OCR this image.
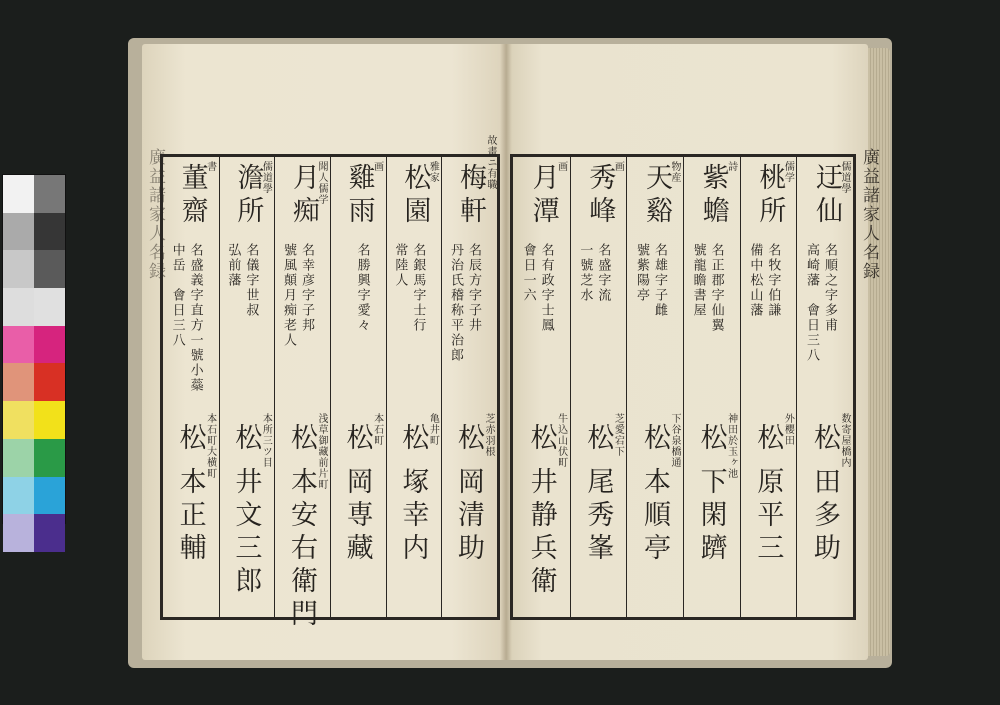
廣益諸家人名録
廣益諸家人名録	梅軒
名辰方字子井
丹治氏稽称平治郎
芝赤羽根
松
岡清助
雅家
松園
名銀馬字士行
常陸人
亀井町
松
塚幸内
画
雞雨
名勝興字愛々
本石町
松
岡専藏
聞人儒学
月痴
名幸彦字子邦
號風顛月痴老人
浅草御藏前片町
松
本安右衛門
儒道學
澹所
名儀字世叔
弘前藩
本所三ツ目
松
井文三郎
書
董齋
名盛義字直方一號小蘂
中岳　會日三八
本石町大横町
松
本正輔
故畫ニ有職	儒道學
迂仙
名順之字多甫
高崎藩　會日三八
数寄屋橋内
松
田多助
儒学
桃所
名牧字伯謙
備中松山藩
外櫻田
松
原平三
詩
紫蟾
名正郡字仙翼
號龍瞻書屋
神田於玉ヶ池
松
下閑躋
物産
天谿
名雄字子雌
號紫陽亭
下谷泉橋通
松
本順亭
画
秀峰
名盛字流
一號芝水
芝愛宕下
松
尾秀峯
画
月潭
名有政字士鳳
會日一六
牛込山伏町
松
井静兵衛
